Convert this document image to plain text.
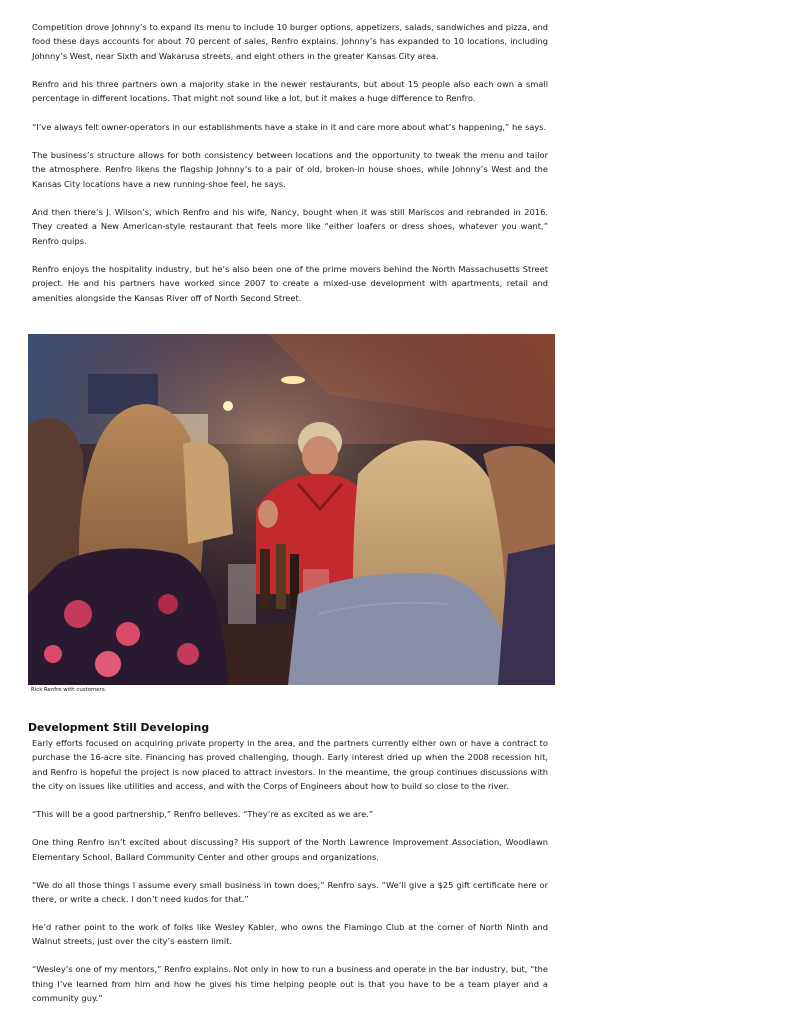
Competition drove Johnny’s to expand its menu to include 10 burger options, appetizers, salads, sandwiches and pizza, and food these days accounts for about 70 percent of sales, Renfro explains. Johnny’s has expanded to 10 locations, including Johnny’s West, near Sixth and Wakarusa streets, and eight others in the greater Kansas City area.

Renfro and his three partners own a majority stake in the newer restaurants, but about 15 people also each own a small percentage in different locations. That might not sound like a lot, but it makes a huge difference to Renfro.

“I’ve always felt owner-operators in our establishments have a stake in it and care more about what’s happening,” he says.

The business’s structure allows for both consistency between locations and the opportunity to tweak the menu and tailor the atmosphere. Renfro likens the flagship Johnny’s to a pair of old, broken-in house shoes, while Johnny’s West and the Kansas City locations have a new running-shoe feel, he says.

And then there’s J. Wilson’s, which Renfro and his wife, Nancy, bought when it was still Mariscos and rebranded in 2016. They created a New American-style restaurant that feels more like “either loafers or dress shoes, whatever you want,” Renfro quips.

Renfro enjoys the hospitality industry, but he’s also been one of the prime movers behind the North Massachusetts Street project. He and his partners have worked since 2007 to create a mixed-use development with apartments, retail and amenities alongside the Kansas River off of North Second Street.

Rick Renfro with customers.
Development Still Developing

Early efforts focused on acquiring private property in the area, and the partners currently either own or have a contract to purchase the 16-acre site. Financing has proved challenging, though. Early interest dried up when the 2008 recession hit, and Renfro is hopeful the project is now placed to attract investors. In the meantime, the group continues discussions with the city on issues like utilities and access, and with the Corps of Engineers about how to build so close to the river.

“This will be a good partnership,” Renfro believes. “They’re as excited as we are.”

One thing Renfro isn’t excited about discussing? His support of the North Lawrence Improvement Association, Woodlawn Elementary School, Ballard Community Center and other groups and organizations.

“We do all those things I assume every small business in town does,” Renfro says. “We’ll give a $25 gift certificate here or there, or write a check. I don’t need kudos for that.”

He’d rather point to the work of folks like Wesley Kabler, who owns the Flamingo Club at the corner of North Ninth and Walnut streets, just over the city’s eastern limit.

“Wesley’s one of my mentors,” Renfro explains. Not only in how to run a business and operate in the bar industry, but, “the thing I’ve learned from him and how he gives his time helping people out is that you have to be a team player and a community guy.”
